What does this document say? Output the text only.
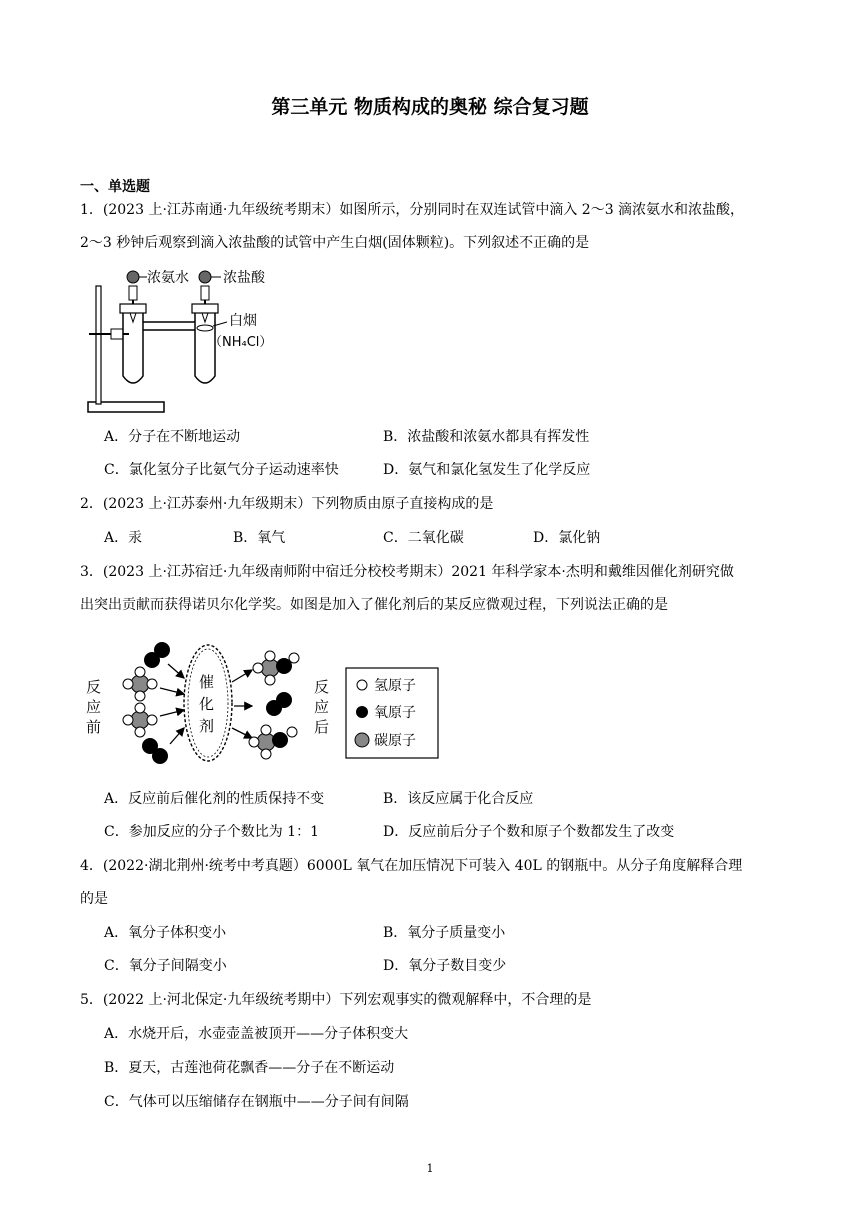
第三单元 物质构成的奥秘 综合复习题
一、单选题
1．(2023 上·江苏南通·九年级统考期末）如图所示，分别同时在双连试管中滴入 2～3 滴浓氨水和浓盐酸，
2～3 秒钟后观察到滴入浓盐酸的试管中产生白烟(固体颗粒)。下列叙述不正确的是
浓氨水 浓盐酸
白烟
（NH₄Cl）
A．分子在不断地运动	B．浓盐酸和浓氨水都具有挥发性
C．氯化氢分子比氨气分子运动速率快	D．氨气和氯化氢发生了化学反应
2．(2023 上·江苏泰州·九年级期末）下列物质由原子直接构成的是
A．汞	B．氧气	C．二氧化碳	D．氯化钠
3．(2023 上·江苏宿迁·九年级南师附中宿迁分校校考期末）2021 年科学家本·杰明和戴维因催化剂研究做
出突出贡献而获得诺贝尔化学奖。如图是加入了催化剂后的某反应微观过程，下列说法正确的是
反
应
前
催
化
剂
反
应
后
氢原子
氧原子
碳原子
A．反应前后催化剂的性质保持不变	B．该反应属于化合反应
C．参加反应的分子个数比为 1：1	D．反应前后分子个数和原子个数都发生了改变
4．(2022·湖北荆州·统考中考真题）6000L 氧气在加压情况下可装入 40L 的钢瓶中。从分子角度解释合理
的是
A．氧分子体积变小	B．氧分子质量变小
C．氧分子间隔变小	D．氧分子数目变少
5．(2022 上·河北保定·九年级统考期中）下列宏观事实的微观解释中，不合理的是
A．水烧开后，水壶壶盖被顶开——分子体积变大
B．夏天，古莲池荷花飘香——分子在不断运动
C．气体可以压缩储存在钢瓶中——分子间有间隔
1
